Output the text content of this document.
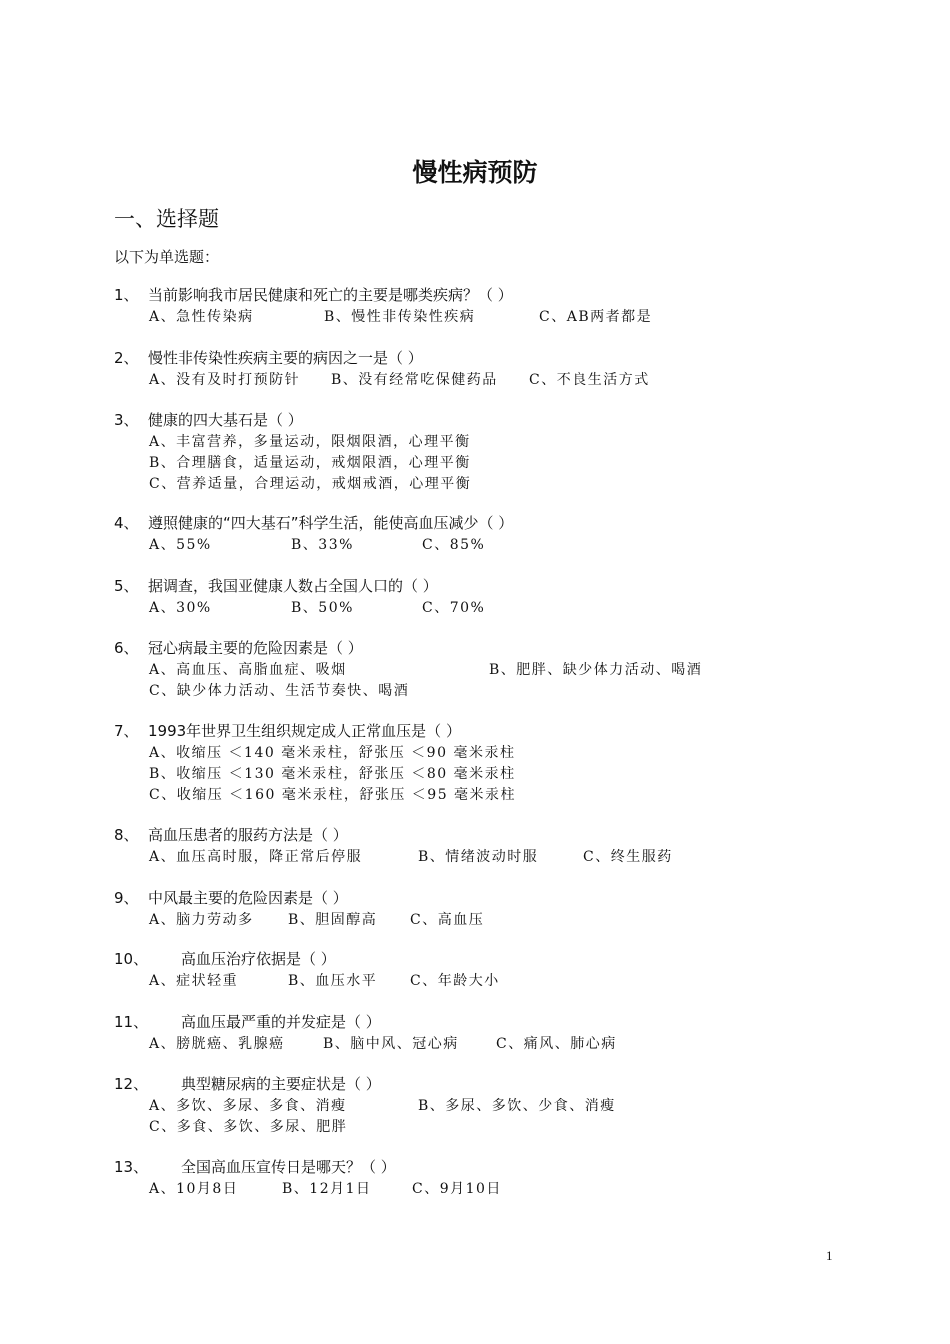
慢性病预防
一、选择题
以下为单选题：
1、 当前影响我市居民健康和死亡的主要是哪类疾病？（ ）
A、急性传染病	B、慢性非传染性疾病	C、AB两者都是
2、 慢性非传染性疾病主要的病因之一是（ ）
A、没有及时打预防针 B、没有经常吃保健药品 C、不良生活方式
3、 健康的四大基石是（ ）
A、丰富营养，多量运动，限烟限酒，心理平衡
B、合理膳食，适量运动，戒烟限酒，心理平衡
C、营养适量，合理运动，戒烟戒酒，心理平衡
4、 遵照健康的“四大基石”科学生活，能使高血压减少（ ）
A、55%	B、33%	C、85%
5、 据调查，我国亚健康人数占全国人口的（ ）
A、30%	B、50%	C、70%
6、 冠心病最主要的危险因素是（ ）
A、高血压、高脂血症、吸烟	B、肥胖、缺少体力活动、喝酒
C、缺少体力活动、生活节奏快、喝酒
7、 1993年世界卫生组织规定成人正常血压是（ ）
A、收缩压 ＜140 毫米汞柱，舒张压 ＜90 毫米汞柱
B、收缩压 ＜130 毫米汞柱，舒张压 ＜80 毫米汞柱
C、收缩压 ＜160 毫米汞柱，舒张压 ＜95 毫米汞柱
8、 高血压患者的服药方法是（ ）
A、血压高时服，降正常后停服	B、情绪波动时服	C、终生服药
9、 中风最主要的危险因素是（ ）
A、脑力劳动多 B、胆固醇高 C、高血压
10、 高血压治疗依据是（ ）
A、症状轻重	B、血压水平 C、年龄大小
11、 高血压最严重的并发症是（ ）
A、膀胱癌、乳腺癌	B、脑中风、冠心病	C、痛风、肺心病
12、 典型糖尿病的主要症状是（ ）
A、多饮、多尿、多食、消瘦	B、多尿、多饮、少食、消瘦
C、多食、多饮、多尿、肥胖
13、 全国高血压宣传日是哪天？（ ）
A、10月8日	B、12月1日	C、9月10日
1
